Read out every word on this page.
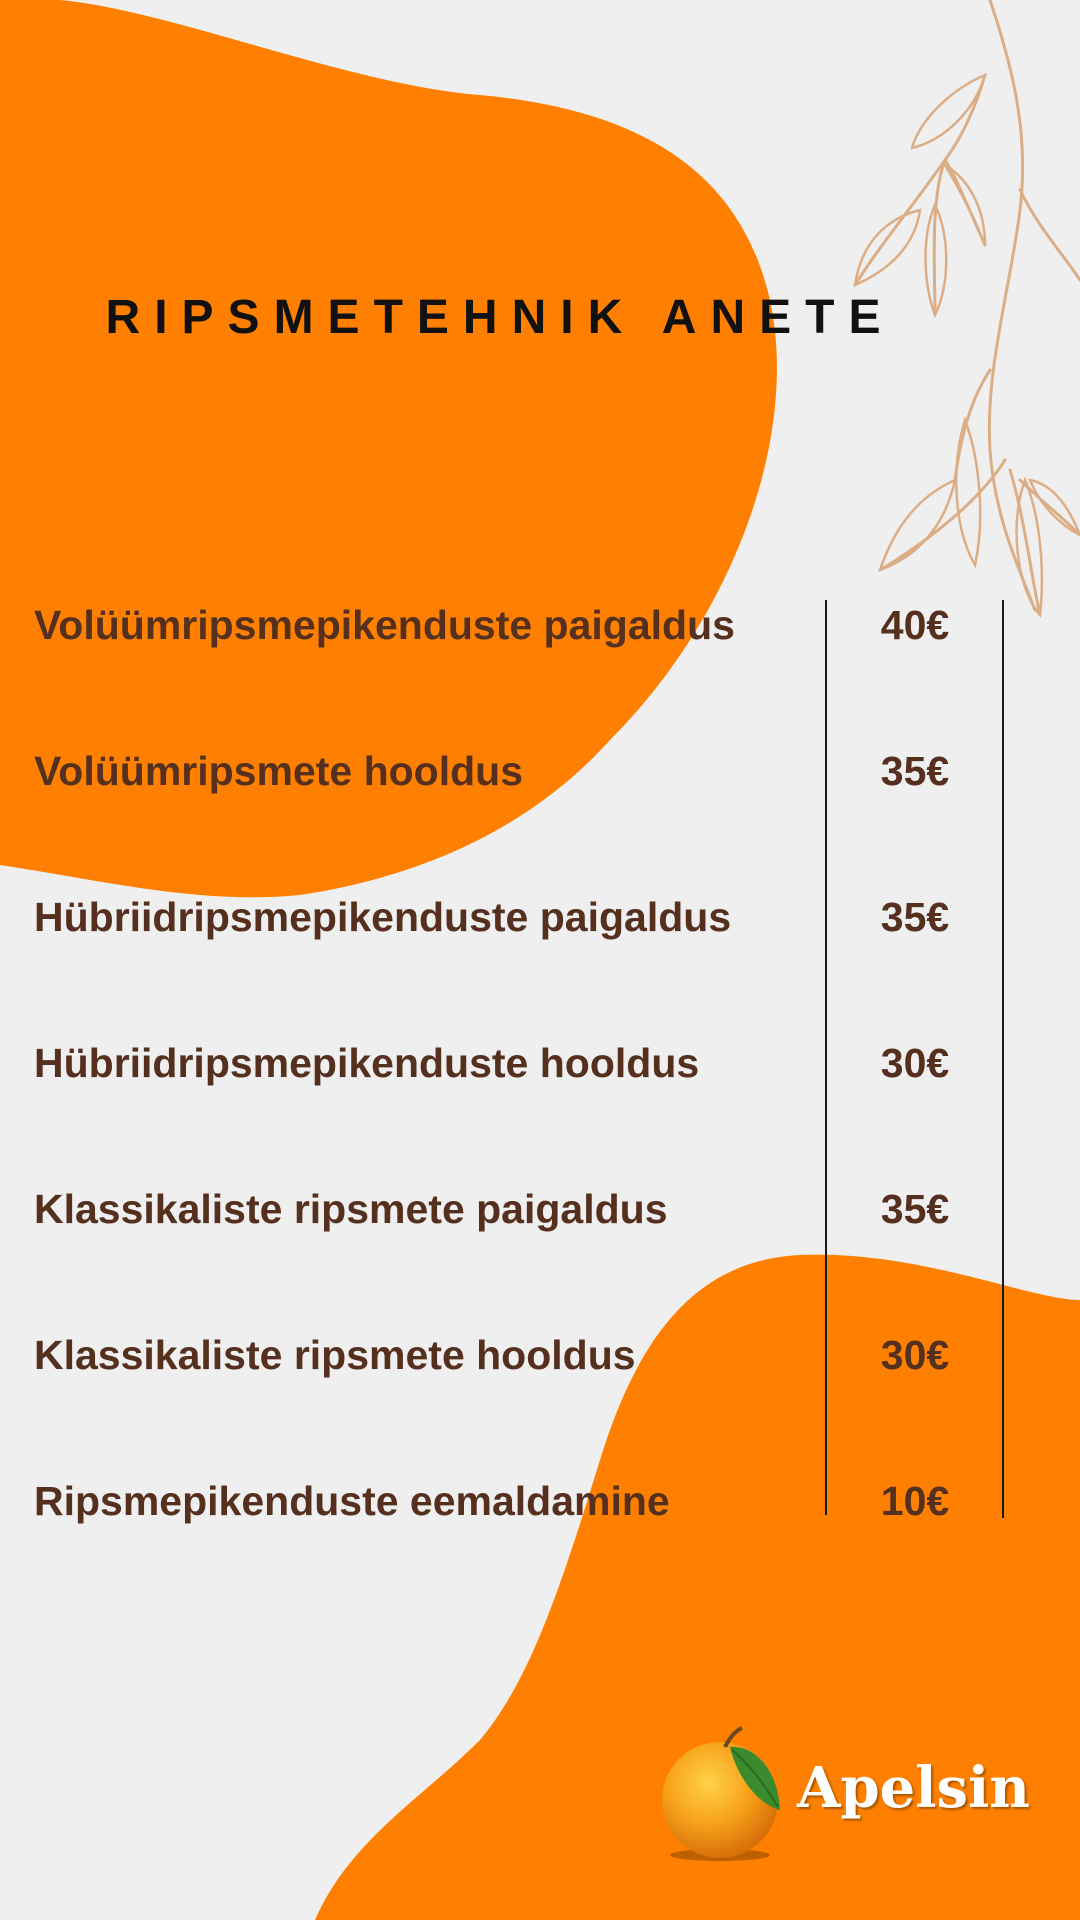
RIPSMETEHNIK ANETE
Volüümripsmepikenduste paigaldus	40€
Volüümripsmete hooldus	35€
Hübriidripsmepikenduste paigaldus	35€
Hübriidripsmepikenduste hooldus	30€
Klassikaliste ripsmete paigaldus	35€
Klassikaliste ripsmete hooldus	30€
Ripsmepikenduste eemaldamine	10€
Apelsin
